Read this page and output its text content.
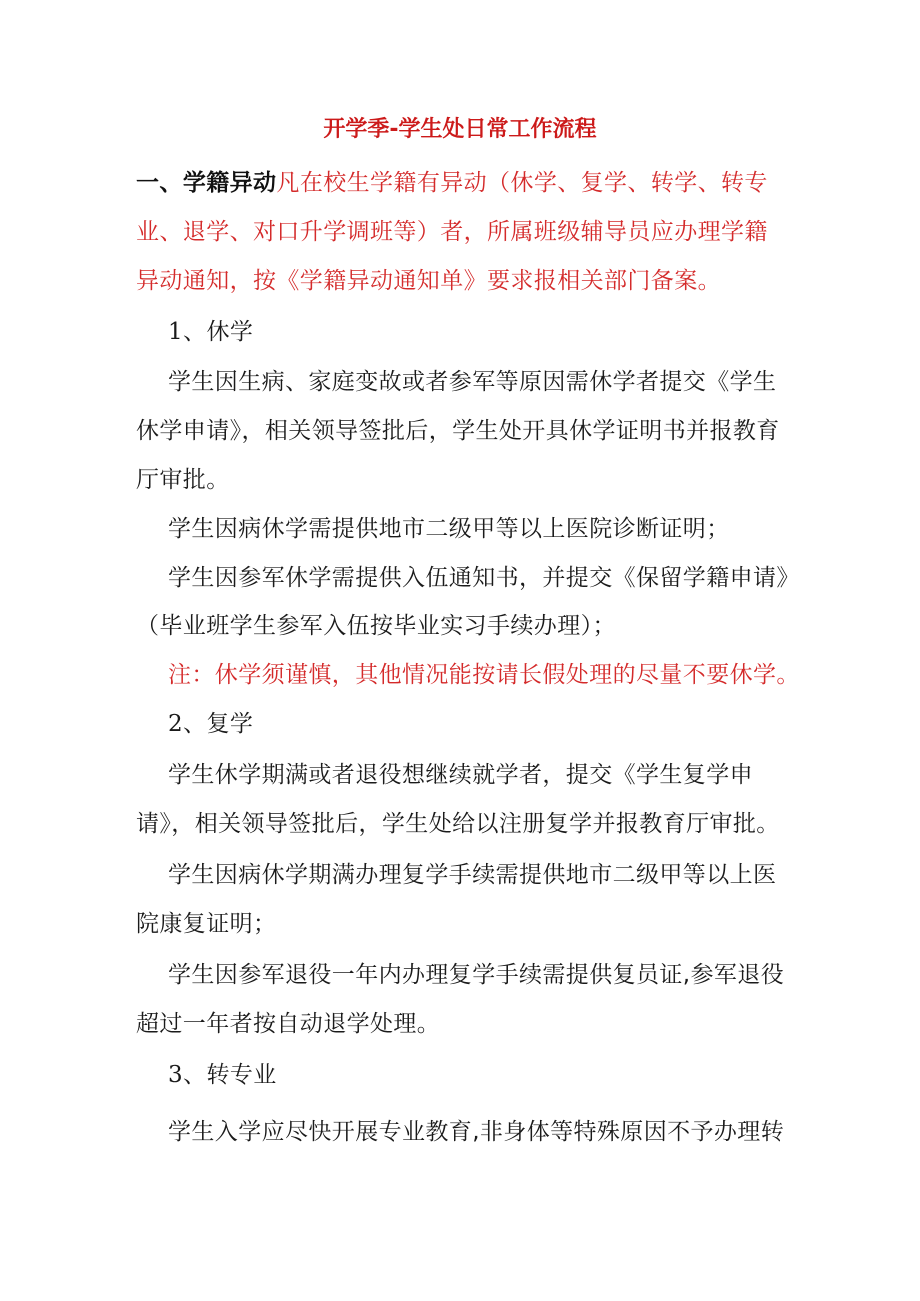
开学季-学生处日常工作流程
一、学籍异动凡在校生学籍有异动（休学、复学、转学、转专
业、退学、对口升学调班等）者，所属班级辅导员应办理学籍
异动通知，按《学籍异动通知单》要求报相关部门备案。
1、休学
学生因生病、家庭变故或者参军等原因需休学者提交《学生
休学申请》，相关领导签批后，学生处开具休学证明书并报教育
厅审批。
学生因病休学需提供地市二级甲等以上医院诊断证明；
学生因参军休学需提供入伍通知书，并提交《保留学籍申请》
（毕业班学生参军入伍按毕业实习手续办理）；
注：休学须谨慎，其他情况能按请长假处理的尽量不要休学。
2、复学
学生休学期满或者退役想继续就学者，提交《学生复学申
请》，相关领导签批后，学生处给以注册复学并报教育厅审批。
学生因病休学期满办理复学手续需提供地市二级甲等以上医
院康复证明；
学生因参军退役一年内办理复学手续需提供复员证,参军退役
超过一年者按自动退学处理。
3、转专业
学生入学应尽快开展专业教育,非身体等特殊原因不予办理转
